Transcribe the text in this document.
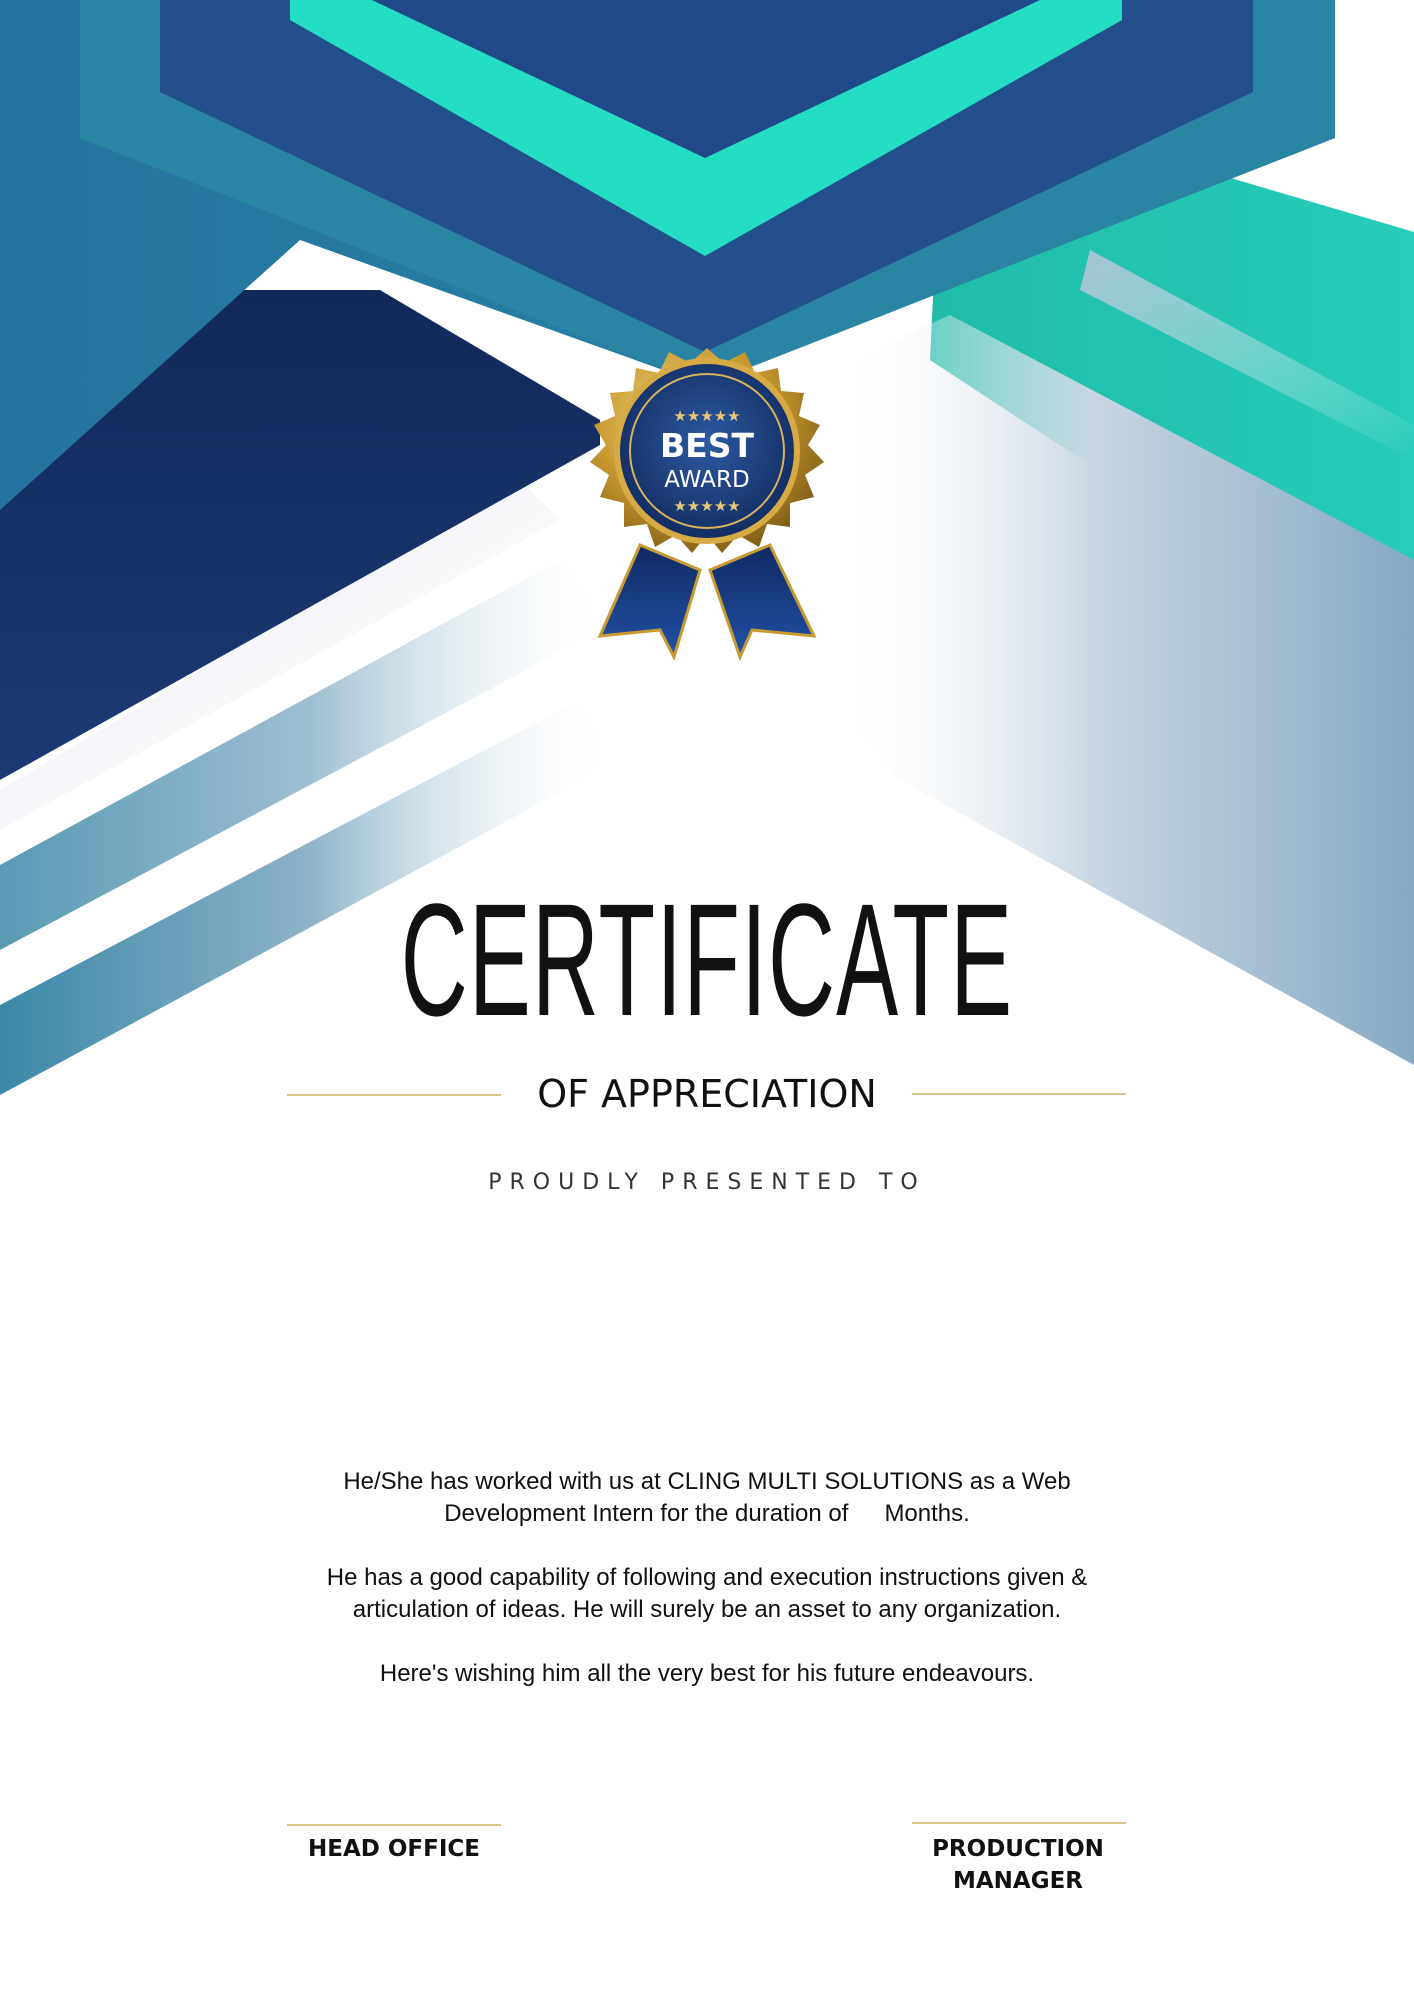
★★★★★
BEST
AWARD
★★★★★
CERTIFICATE
OF APPRECIATION
PROUDLY PRESENTED TO

He/She has worked with us at CLING MULTI SOLUTIONS as a Web Development Intern for the duration of Months.

He has a good capability of following and execution instructions given & articulation of ideas. He will surely be an asset to any organization.

Here's wishing him all the very best for his future endeavours.

HEAD OFFICE	PRODUCTION MANAGER
